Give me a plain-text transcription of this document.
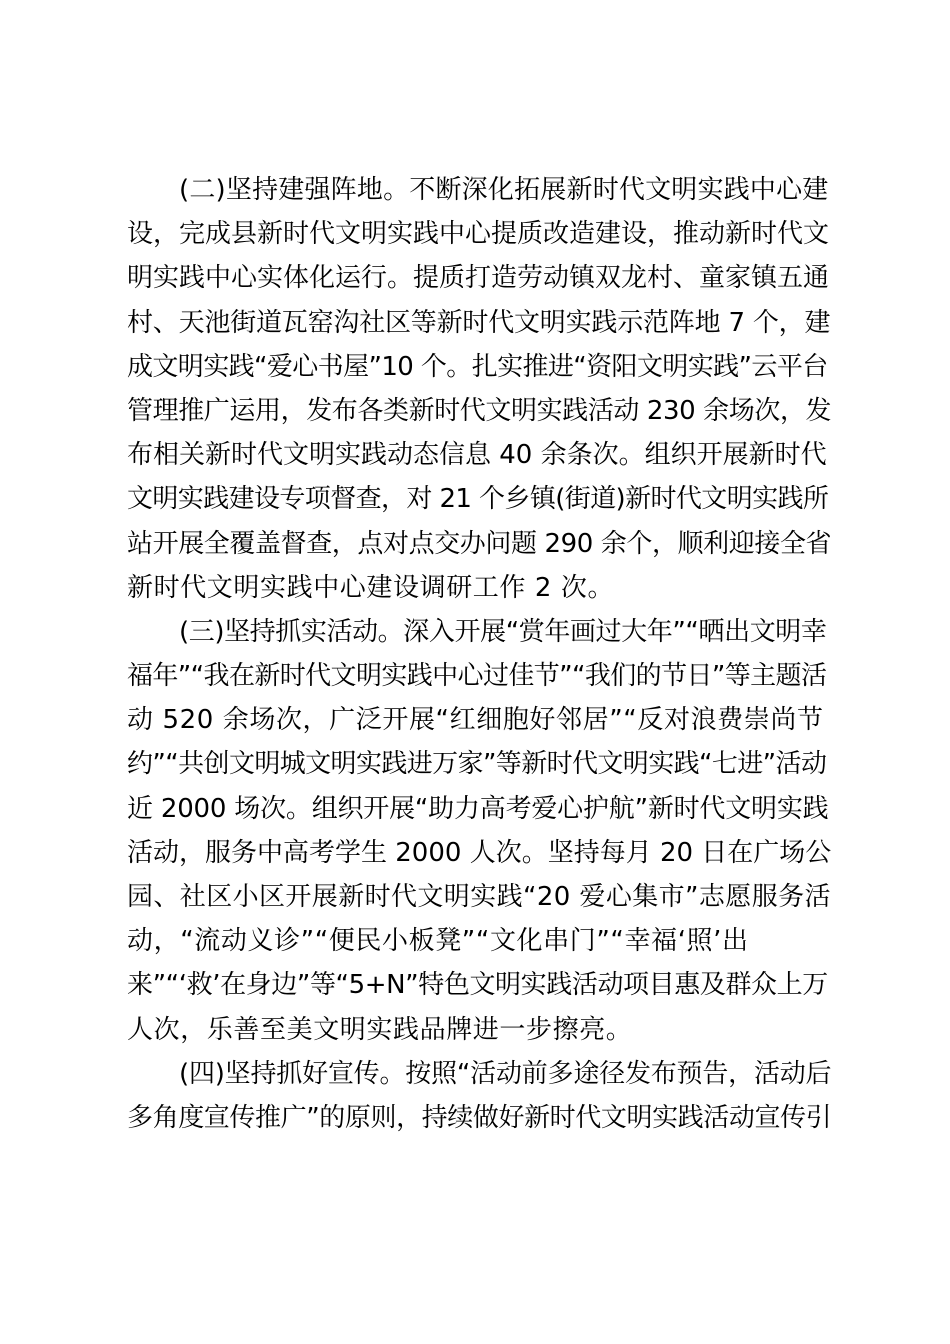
(二)坚持建强阵地。不断深化拓展新时代文明实践中心建
设，完成县新时代文明实践中心提质改造建设，推动新时代文
明实践中心实体化运行。提质打造劳动镇双龙村、童家镇五通
村、天池街道瓦窑沟社区等新时代文明实践示范阵地 7 个，建
成文明实践“爱心书屋”10 个。扎实推进“资阳文明实践”云平台
管理推广运用，发布各类新时代文明实践活动 230 余场次，发
布相关新时代文明实践动态信息 40 余条次。组织开展新时代
文明实践建设专项督查，对 21 个乡镇(街道)新时代文明实践所
站开展全覆盖督查，点对点交办问题 290 余个，顺利迎接全省
新时代文明实践中心建设调研工作 2 次。
(三)坚持抓实活动。深入开展“赏年画过大年”“晒出文明幸
福年”“我在新时代文明实践中心过佳节”“我们的节日”等主题活
动 520 余场次，广泛开展“红细胞好邻居”“反对浪费崇尚节
约”“共创文明城文明实践进万家”等新时代文明实践“七进”活动
近 2000 场次。组织开展“助力高考爱心护航”新时代文明实践
活动，服务中高考学生 2000 人次。坚持每月 20 日在广场公
园、社区小区开展新时代文明实践“20 爱心集市”志愿服务活
动，“流动义诊”“便民小板凳”“文化串门”“幸福‘照’出
来”“‘救’在身边”等“5+N”特色文明实践活动项目惠及群众上万
人次，乐善至美文明实践品牌进一步擦亮。
(四)坚持抓好宣传。按照“活动前多途径发布预告，活动后
多角度宣传推广”的原则，持续做好新时代文明实践活动宣传引
